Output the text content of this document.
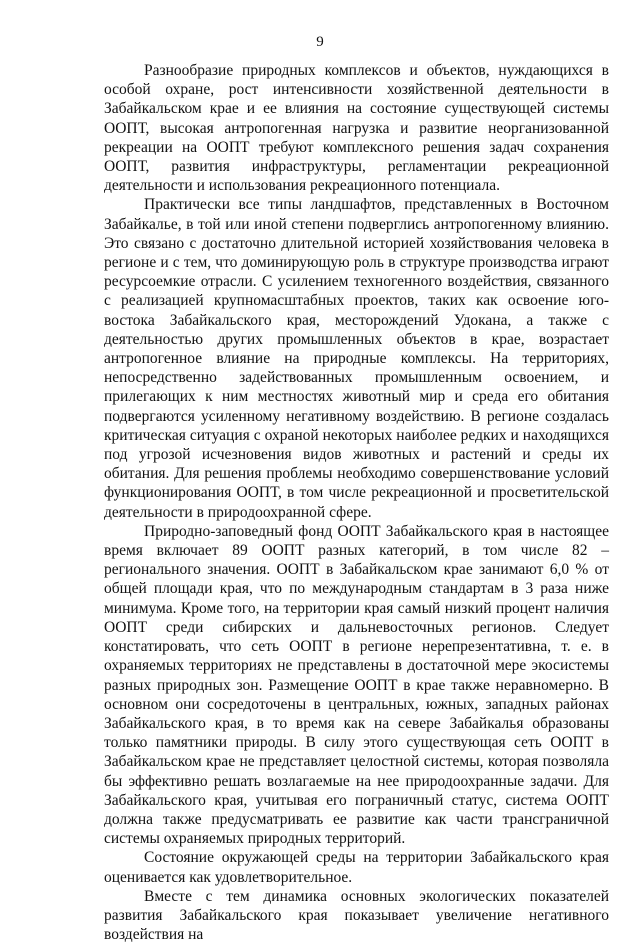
9

Разнообразие природных комплексов и объектов, нуждающихся в особой охране, рост интенсивности хозяйственной деятельности в Забайкальском крае и ее влияния на состояние существующей системы ООПТ, высокая антропогенная нагрузка и развитие неорганизованной рекреации на ООПТ требуют комплексного решения задач сохранения ООПТ, развития инфраструктуры, регламентации рекреационной деятельности и использования рекреационного потенциала.

Практически все типы ландшафтов, представленных в Восточном Забайкалье, в той или иной степени подверглись антропогенному влиянию. Это связано с достаточно длительной историей хозяйствования человека в регионе и с тем, что доминирующую роль в структуре производства играют ресурсоемкие отрасли. С усилением техногенного воздействия, связанного с реализацией крупномасштабных проектов, таких как освоение юго-востока Забайкальского края, месторождений Удокана, а также с деятельностью других промышленных объектов в крае, возрастает антропогенное влияние на природные комплексы. На территориях, непосредственно задействованных промышленным освоением, и прилегающих к ним местностях животный мир и среда его обитания подвергаются усиленному негативному воздействию. В регионе создалась критическая ситуация с охраной некоторых наиболее редких и находящихся под угрозой исчезновения видов животных и растений и среды их обитания. Для решения проблемы необходимо совершенствование условий функционирования ООПТ, в том числе рекреационной и просветительской деятельности в природоохранной сфере.

Природно-заповедный фонд ООПТ Забайкальского края в настоящее время включает 89 ООПТ разных категорий, в том числе 82 – регионального значения. ООПТ в Забайкальском крае занимают 6,0 % от общей площади края, что по международным стандартам в 3 раза ниже минимума. Кроме того, на территории края самый низкий процент наличия ООПТ среди сибирских и дальневосточных регионов. Следует констатировать, что сеть ООПТ в регионе нерепрезентативна, т. е. в охраняемых территориях не представлены в достаточной мере экосистемы разных природных зон. Размещение ООПТ в крае также неравномерно. В основном они сосредоточены в центральных, южных, западных районах Забайкальского края, в то время как на севере Забайкалья образованы только памятники природы. В силу этого существующая сеть ООПТ в Забайкальском крае не представляет целостной системы, которая позволяла бы эффективно решать возлагаемые на нее природоохранные задачи. Для Забайкальского края, учитывая его пограничный статус, система ООПТ должна также предусматривать ее развитие как части трансграничной системы охраняемых природных территорий.

Состояние окружающей среды на территории Забайкальского края оценивается как удовлетворительное.

Вместе с тем динамика основных экологических показателей развития Забайкальского края показывает увеличение негативного воздействия на
